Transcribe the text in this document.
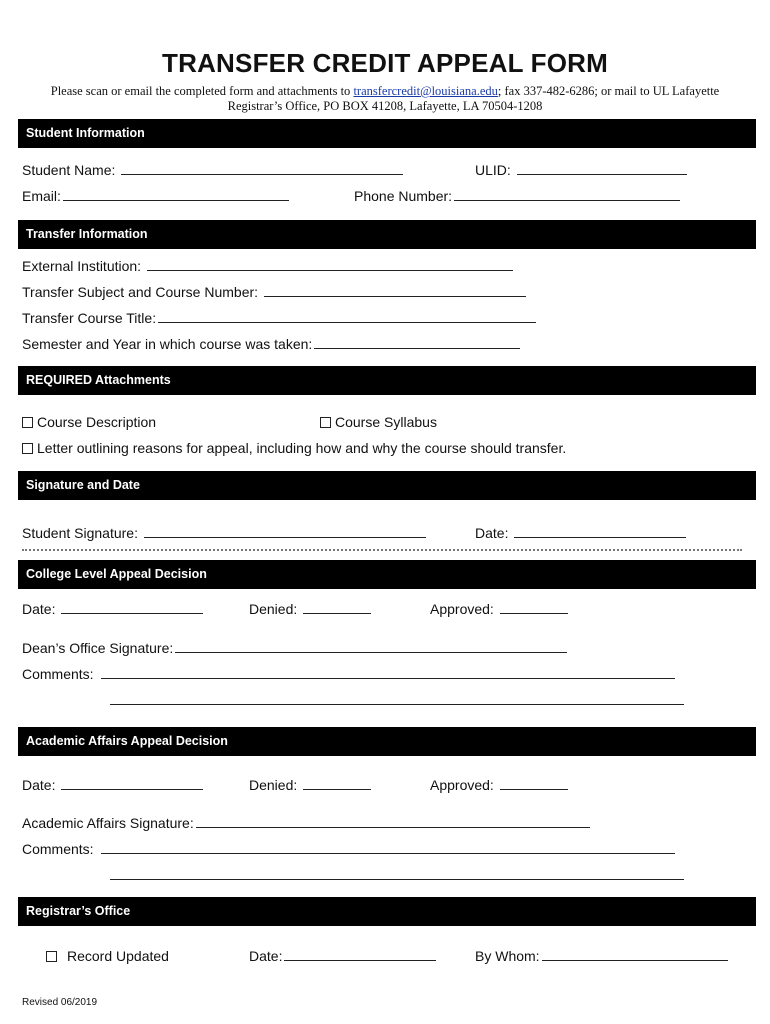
TRANSFER CREDIT APPEAL FORM
Please scan or email the completed form and attachments to transfercredit@louisiana.edu; fax 337-482-6286; or mail to UL Lafayette
Registrar’s Office, PO BOX 41208, Lafayette, LA 70504-1208
Student Information
Student Name:	ULID:
Email:	Phone Number:
Transfer Information
External Institution:
Transfer Subject and Course Number:
Transfer Course Title:
Semester and Year in which course was taken:
REQUIRED Attachments
Course Description	Course Syllabus
Letter outlining reasons for appeal, including how and why the course should transfer.
Signature and Date
Student Signature:	Date:
College Level Appeal Decision
Date:	Denied:	Approved:
Dean’s Office Signature:
Comments:
Academic Affairs Appeal Decision
Date:	Denied:	Approved:
Academic Affairs Signature:
Comments:
Registrar’s Office
Record Updated	Date:	By Whom:
Revised 06/2019
